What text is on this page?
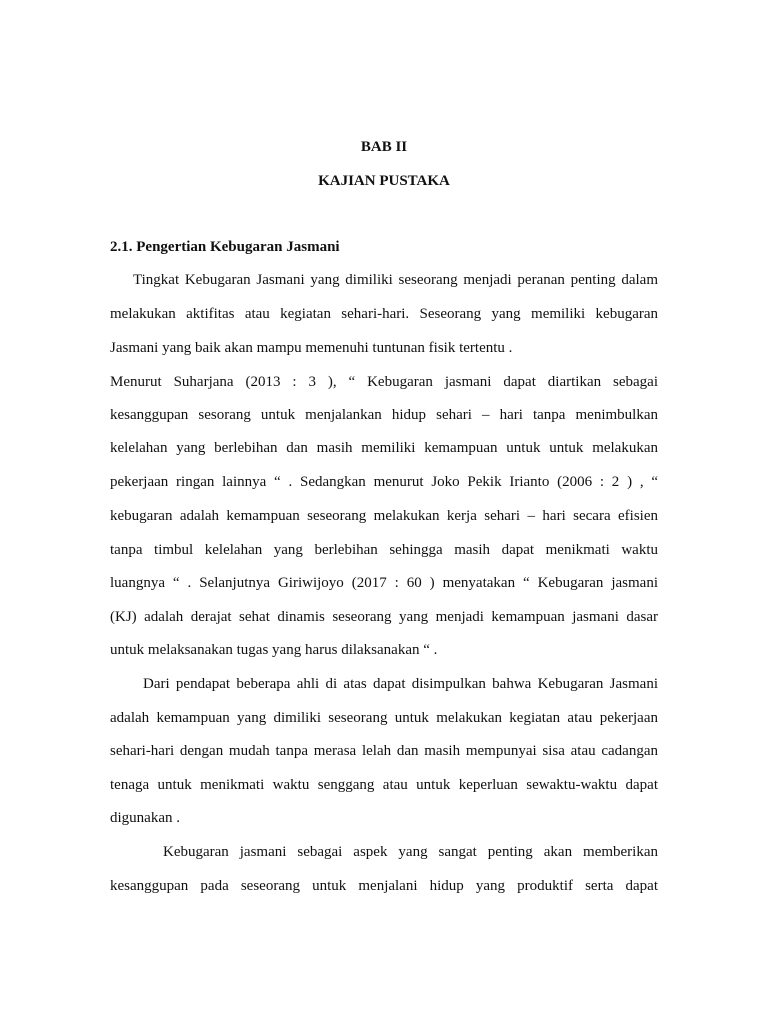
BAB II
KAJIAN PUSTAKA
2.1. Pengertian Kebugaran Jasmani
Tingkat Kebugaran Jasmani yang dimiliki seseorang menjadi peranan penting dalam
melakukan aktifitas atau kegiatan sehari-hari. Seseorang yang memiliki kebugaran
Jasmani yang baik akan mampu memenuhi tuntunan fisik tertentu .
Menurut Suharjana (2013 : 3 ), “ Kebugaran jasmani dapat diartikan sebagai
kesanggupan sesorang untuk menjalankan hidup sehari – hari tanpa menimbulkan
kelelahan yang berlebihan dan masih memiliki kemampuan untuk untuk melakukan
pekerjaan ringan lainnya “ . Sedangkan menurut Joko Pekik Irianto (2006 : 2 ) , “
kebugaran adalah kemampuan seseorang melakukan kerja sehari – hari secara efisien
tanpa timbul kelelahan yang berlebihan sehingga masih dapat menikmati waktu
luangnya “ . Selanjutnya Giriwijoyo (2017 : 60 ) menyatakan “ Kebugaran jasmani
(KJ) adalah derajat sehat dinamis seseorang yang menjadi kemampuan jasmani dasar
untuk melaksanakan tugas yang harus dilaksanakan “ .
Dari pendapat beberapa ahli di atas dapat disimpulkan bahwa Kebugaran Jasmani
adalah kemampuan yang dimiliki seseorang untuk melakukan kegiatan atau pekerjaan
sehari-hari dengan mudah tanpa merasa lelah dan masih mempunyai sisa atau cadangan
tenaga untuk menikmati waktu senggang atau untuk keperluan sewaktu-waktu dapat
digunakan .
Kebugaran jasmani sebagai aspek yang sangat penting akan memberikan
kesanggupan pada seseorang untuk menjalani hidup yang produktif serta dapat
